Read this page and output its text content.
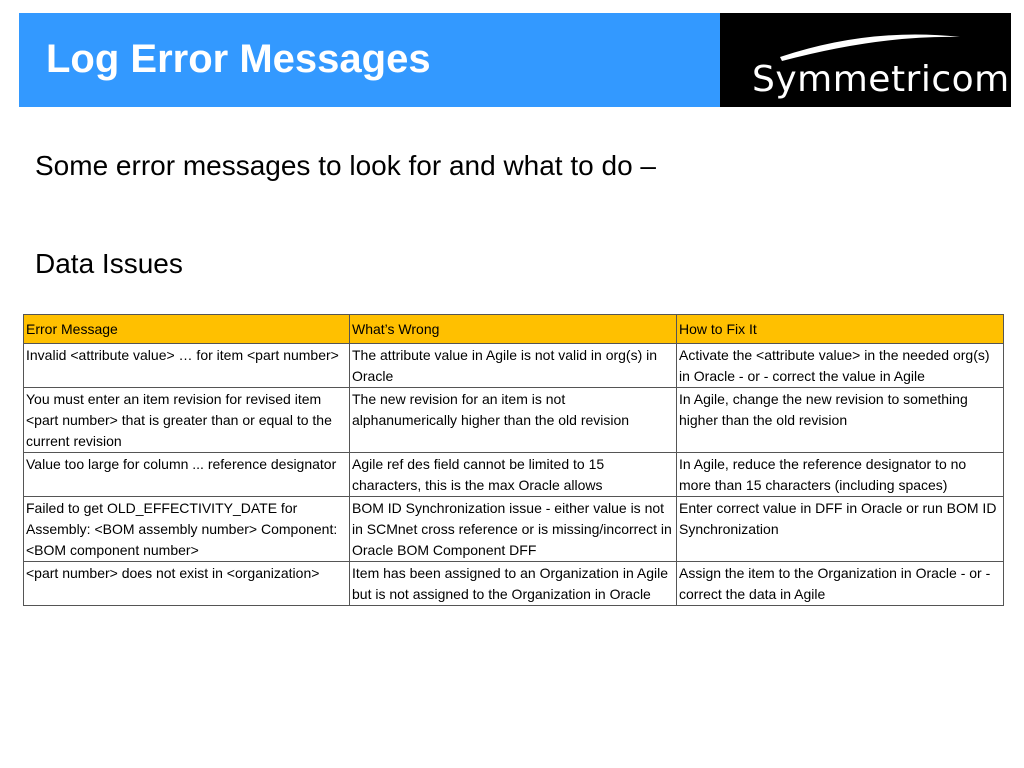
Log Error Messages	Symmetricom®

Some error messages to look for and what to do –

Data Issues

Error Message	What’s Wrong	How to Fix It
Invalid <attribute value> … for item <part number>	The attribute value in Agile is not valid in org(s) in Oracle	Activate the <attribute value> in the needed org(s) in Oracle - or - correct the value in Agile
You must enter an item revision for revised item <part number> that is greater than or equal to the current revision	The new revision for an item is not alphanumerically higher than the old revision	In Agile, change the new revision to something higher than the old revision
Value too large for column ... reference designator	Agile ref des field cannot be limited to 15 characters, this is the max Oracle allows	In Agile, reduce the reference designator to no more than 15 characters (including spaces)
Failed to get OLD_EFFECTIVITY_DATE for Assembly: <BOM assembly number> Component: <BOM component number>	BOM ID Synchronization issue - either value is not in SCMnet cross reference or is missing/incorrect in Oracle BOM Component DFF	Enter correct value in DFF in Oracle or run BOM ID Synchronization
<part number> does not exist in <organization>	Item has been assigned to an Organization in Agile but is not assigned to the Organization in Oracle	Assign the item to the Organization in Oracle - or - correct the data in Agile
